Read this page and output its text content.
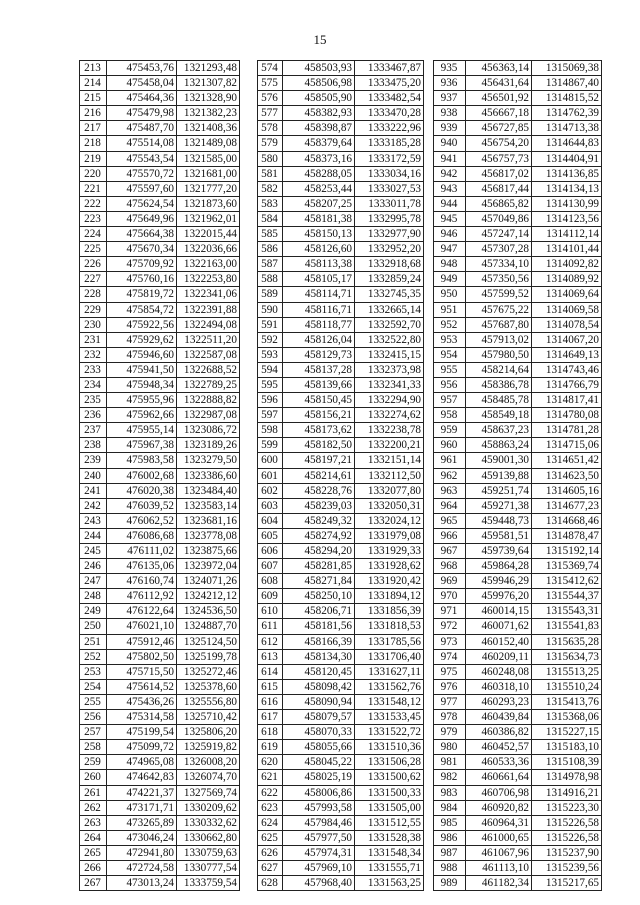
15
213	475453,76	1321293,48
214	475458,04	1321307,82
215	475464,36	1321328,90
216	475479,98	1321382,23
217	475487,70	1321408,36
218	475514,08	1321489,08
219	475543,54	1321585,00
220	475570,72	1321681,00
221	475597,60	1321777,20
222	475624,54	1321873,60
223	475649,96	1321962,01
224	475664,38	1322015,44
225	475670,34	1322036,66
226	475709,92	1322163,00
227	475760,16	1322253,80
228	475819,72	1322341,06
229	475854,72	1322391,88
230	475922,56	1322494,08
231	475929,62	1322511,20
232	475946,60	1322587,08
233	475941,50	1322688,52
234	475948,34	1322789,25
235	475955,96	1322888,82
236	475962,66	1322987,08
237	475955,14	1323086,72
238	475967,38	1323189,26
239	475983,58	1323279,50
240	476002,68	1323386,60
241	476020,38	1323484,40
242	476039,52	1323583,14
243	476062,52	1323681,16
244	476086,68	1323778,08
245	476111,02	1323875,66
246	476135,06	1323972,04
247	476160,74	1324071,26
248	476112,92	1324212,12
249	476122,64	1324536,50
250	476021,10	1324887,70
251	475912,46	1325124,50
252	475802,50	1325199,78
253	475715,50	1325272,46
254	475614,52	1325378,60
255	475436,26	1325556,80
256	475314,58	1325710,42
257	475199,54	1325806,20
258	475099,72	1325919,82
259	474965,08	1326008,20
260	474642,83	1326074,70
261	474221,37	1327569,74
262	473171,71	1330209,62
263	473265,89	1330332,62
264	473046,24	1330662,80
265	472941,80	1330759,63
266	472724,58	1330777,54
267	473013,24	1333759,54
574	458503,93	1333467,87
575	458506,98	1333475,20
576	458505,90	1333482,54
577	458382,93	1333470,28
578	458398,87	1333222,96
579	458379,64	1333185,28
580	458373,16	1333172,59
581	458288,05	1333034,16
582	458253,44	1333027,53
583	458207,25	1333011,78
584	458181,38	1332995,78
585	458150,13	1332977,90
586	458126,60	1332952,20
587	458113,38	1332918,68
588	458105,17	1332859,24
589	458114,71	1332745,35
590	458116,71	1332665,14
591	458118,77	1332592,70
592	458126,04	1332522,80
593	458129,73	1332415,15
594	458137,28	1332373,98
595	458139,66	1332341,33
596	458150,45	1332294,90
597	458156,21	1332274,62
598	458173,62	1332238,78
599	458182,50	1332200,21
600	458197,21	1332151,14
601	458214,61	1332112,50
602	458228,76	1332077,80
603	458239,03	1332050,31
604	458249,32	1332024,12
605	458274,92	1331979,08
606	458294,20	1331929,33
607	458281,85	1331928,62
608	458271,84	1331920,42
609	458250,10	1331894,12
610	458206,71	1331856,39
611	458181,56	1331818,53
612	458166,39	1331785,56
613	458134,30	1331706,40
614	458120,45	1331627,11
615	458098,42	1331562,76
616	458090,94	1331548,12
617	458079,57	1331533,45
618	458070,33	1331522,72
619	458055,66	1331510,36
620	458045,22	1331506,28
621	458025,19	1331500,62
622	458006,86	1331500,33
623	457993,58	1331505,00
624	457984,46	1331512,55
625	457977,50	1331528,38
626	457974,31	1331548,34
627	457969,10	1331555,71
628	457968,40	1331563,25
935	456363,14	1315069,38
936	456431,64	1314867,40
937	456501,92	1314815,52
938	456667,18	1314762,39
939	456727,85	1314713,38
940	456754,20	1314644,83
941	456757,73	1314404,91
942	456817,02	1314136,85
943	456817,44	1314134,13
944	456865,82	1314130,99
945	457049,86	1314123,56
946	457247,14	1314112,14
947	457307,28	1314101,44
948	457334,10	1314092,82
949	457350,56	1314089,92
950	457599,52	1314069,64
951	457675,22	1314069,58
952	457687,80	1314078,54
953	457913,02	1314067,20
954	457980,50	1314649,13
955	458214,64	1314743,46
956	458386,78	1314766,79
957	458485,78	1314817,41
958	458549,18	1314780,08
959	458637,23	1314781,28
960	458863,24	1314715,06
961	459001,30	1314651,42
962	459139,88	1314623,50
963	459251,74	1314605,16
964	459271,38	1314677,23
965	459448,73	1314668,46
966	459581,51	1314878,47
967	459739,64	1315192,14
968	459864,28	1315369,74
969	459946,29	1315412,62
970	459976,20	1315544,37
971	460014,15	1315543,31
972	460071,62	1315541,83
973	460152,40	1315635,28
974	460209,11	1315634,73
975	460248,08	1315513,25
976	460318,10	1315510,24
977	460293,23	1315413,76
978	460439,84	1315368,06
979	460386,82	1315227,15
980	460452,57	1315183,10
981	460533,36	1315108,39
982	460661,64	1314978,98
983	460706,98	1314916,21
984	460920,82	1315223,30
985	460964,31	1315226,58
986	461000,65	1315226,58
987	461067,96	1315237,90
988	461113,10	1315239,56
989	461182,34	1315217,65
